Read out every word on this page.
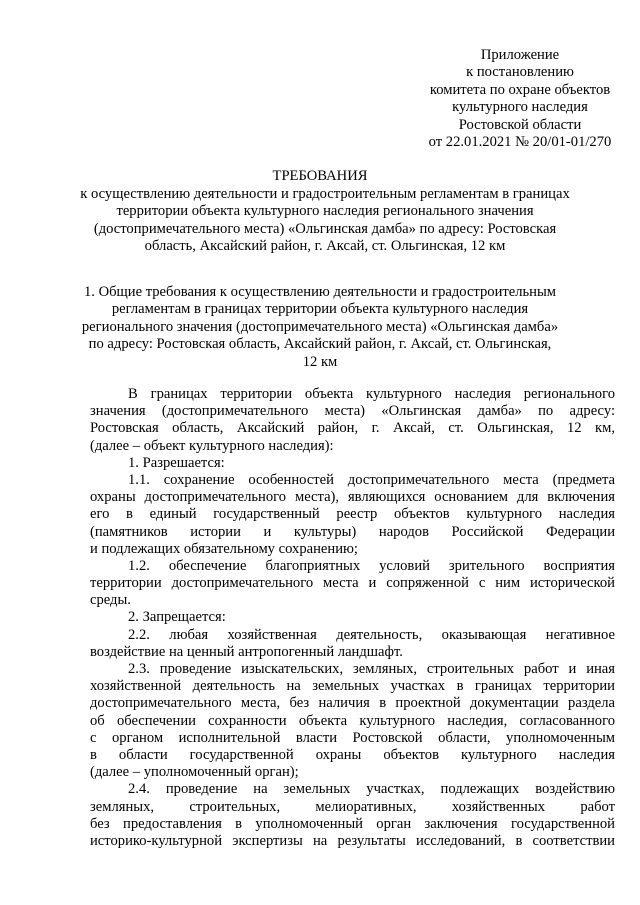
Приложение
к постановлению
комитета по охране объектов
культурного наследия
Ростовской области
от 22.01.2021 № 20/01-01/270
ТРЕБОВАНИЯ
к осуществлению деятельности и градостроительным регламентам в границах
территории объекта культурного наследия регионального значения
(достопримечательного места) «Ольгинская дамба» по адресу: Ростовская
область, Аксайский район, г. Аксай, ст. Ольгинская, 12 км
1. Общие требования к осуществлению деятельности и градостроительным
регламентам в границах территории объекта культурного наследия
регионального значения (достопримечательного места) «Ольгинская дамба»
по адресу: Ростовская область, Аксайский район, г. Аксай, ст. Ольгинская,
12 км
В границах территории объекта культурного наследия регионального
значения (достопримечательного места) «Ольгинская дамба» по адресу:
Ростовская область, Аксайский район, г. Аксай, ст. Ольгинская, 12 км,
(далее – объект культурного наследия):
1. Разрешается:
1.1. сохранение особенностей достопримечательного места (предмета
охраны достопримечательного места), являющихся основанием для включения
его в единый государственный реестр объектов культурного наследия
(памятников истории и культуры) народов Российской Федерации
и подлежащих обязательному сохранению;
1.2. обеспечение благоприятных условий зрительного восприятия
территории достопримечательного места и сопряженной с ним исторической
среды.
2. Запрещается:
2.2. любая хозяйственная деятельность, оказывающая негативное
воздействие на ценный антропогенный ландшафт.
2.3. проведение изыскательских, земляных, строительных работ и иная
хозяйственной деятельность на земельных участках в границах территории
достопримечательного места, без наличия в проектной документации раздела
об обеспечении сохранности объекта культурного наследия, согласованного
с органом исполнительной власти Ростовской области, уполномоченным
в области государственной охраны объектов культурного наследия
(далее – уполномоченный орган);
2.4. проведение на земельных участках, подлежащих воздействию
земляных, строительных, мелиоративных, хозяйственных работ
без предоставления в уполномоченный орган заключения государственной
историко-культурной экспертизы на результаты исследований, в соответствии
